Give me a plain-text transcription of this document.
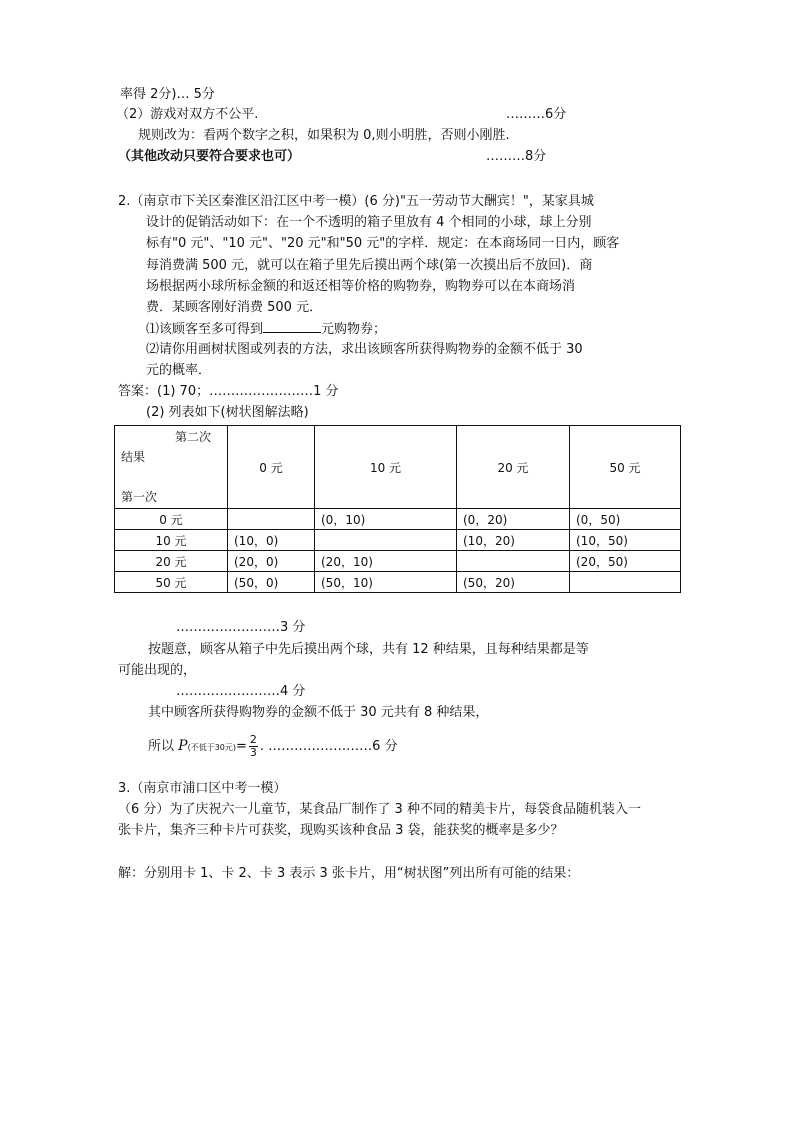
率得 2分)… 5分
（2）游戏对双方不公平.	………6分
规则改为：看两个数字之积，如果积为 0,则小明胜，否则小刚胜.
（其他改动只要符合要求也可）	………8分
2.（南京市下关区秦淮区沿江区中考一模）(6 分)"五一劳动节大酬宾！"，某家具城
设计的促销活动如下：在一个不透明的箱子里放有 4 个相同的小球，球上分别
标有"0 元"、"10 元"、"20 元"和"50 元"的字样．规定：在本商场同一日内，顾客
每消费满 500 元，就可以在箱子里先后摸出两个球(第一次摸出后不放回)．商
场根据两小球所标金额的和返还相等价格的购物券，购物券可以在本商场消
费．某顾客刚好消费 500 元．
⑴该顾客至多可得到	元购物券；
⑵请你用画树状图或列表的方法，求出该顾客所获得购物券的金额不低于 30
元的概率．
答案：(1) 70；……………………1 分
(2) 列表如下(树状图解法略)
第二次
结果
第一次	0 元	10 元	20 元	50 元
0 元		(0，10)	(0，20)	(0，50)
10 元	(10，0)		(10，20)	(10，50)
20 元	(20，0)	(20，10)		(20，50)
50 元	(50，0)	(50，10)	(50，20)	
……………………3 分
按题意，顾客从箱子中先后摸出两个球，共有 12 种结果，且每种结果都是等
可能出现的，
……………………4 分
其中顾客所获得购物券的金额不低于 30 元共有 8 种结果，
所以 P(不低于30元)= $\frac{2}{3}$ . ……………………6 分
3.（南京市浦口区中考一模）
（6 分）为了庆祝六一儿童节，某食品厂制作了 3 种不同的精美卡片，每袋食品随机装入一
张卡片，集齐三种卡片可获奖，现购买该种食品 3 袋，能获奖的概率是多少？
解：分别用卡 1、卡 2、卡 3 表示 3 张卡片，用“树状图”列出所有可能的结果：
